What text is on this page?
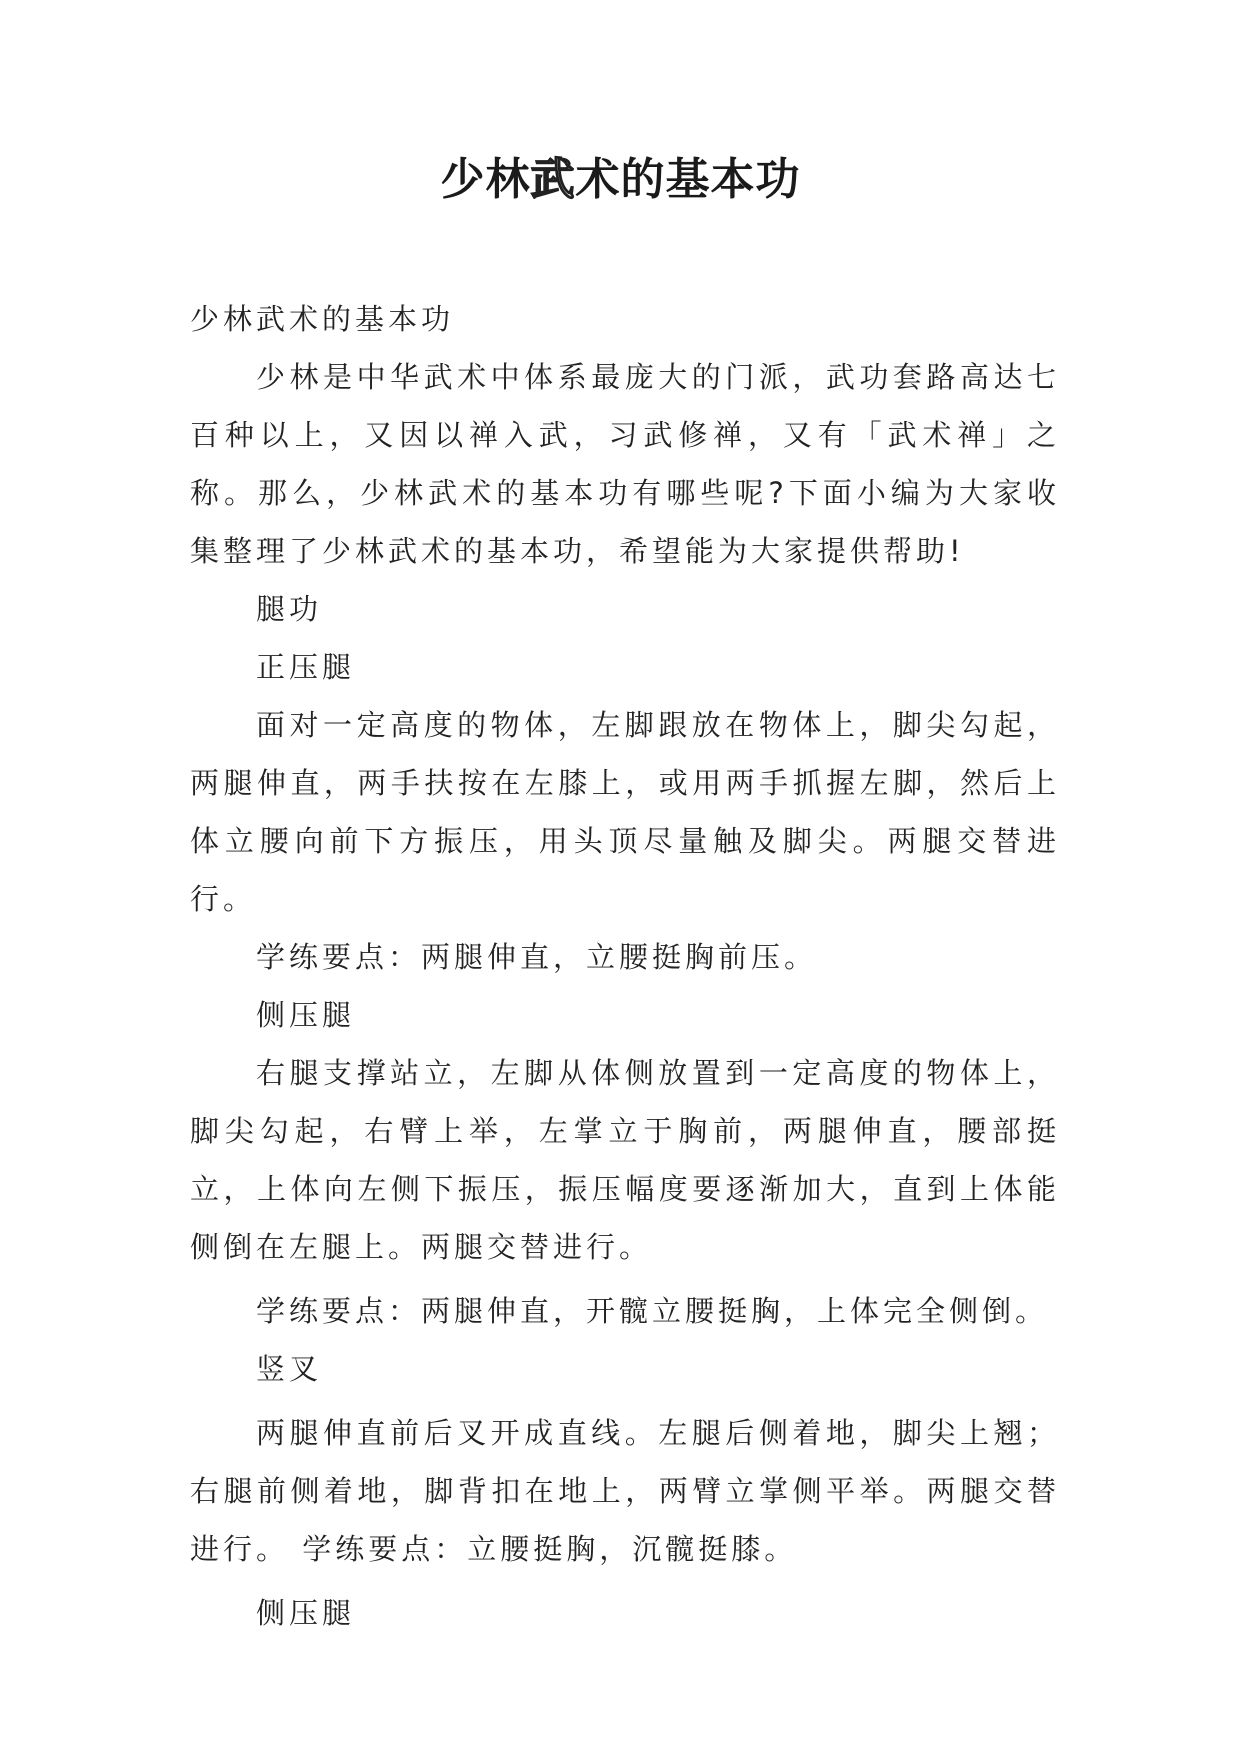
少林武术的基本功

少林武术的基本功

少林是中华武术中体系最庞大的门派，武功套路高达七百种以上，又因以禅入武，习武修禅，又有「武术禅」之称。那么，少林武术的基本功有哪些呢?下面小编为大家收集整理了少林武术的基本功，希望能为大家提供帮助!

腿功

正压腿

面对一定高度的物体，左脚跟放在物体上，脚尖勾起，两腿伸直，两手扶按在左膝上，或用两手抓握左脚，然后上体立腰向前下方振压，用头顶尽量触及脚尖。两腿交替进行。

学练要点：两腿伸直，立腰挺胸前压。

侧压腿

右腿支撑站立，左脚从体侧放置到一定高度的物体上，脚尖勾起，右臂上举，左掌立于胸前，两腿伸直，腰部挺立，上体向左侧下振压，振压幅度要逐渐加大，直到上体能侧倒在左腿上。两腿交替进行。

学练要点：两腿伸直，开髋立腰挺胸，上体完全侧倒。

竖叉

两腿伸直前后叉开成直线。左腿后侧着地，脚尖上翘；右腿前侧着地，脚背扣在地上，两臂立掌侧平举。两腿交替进行。 学练要点：立腰挺胸，沉髋挺膝。

侧压腿
